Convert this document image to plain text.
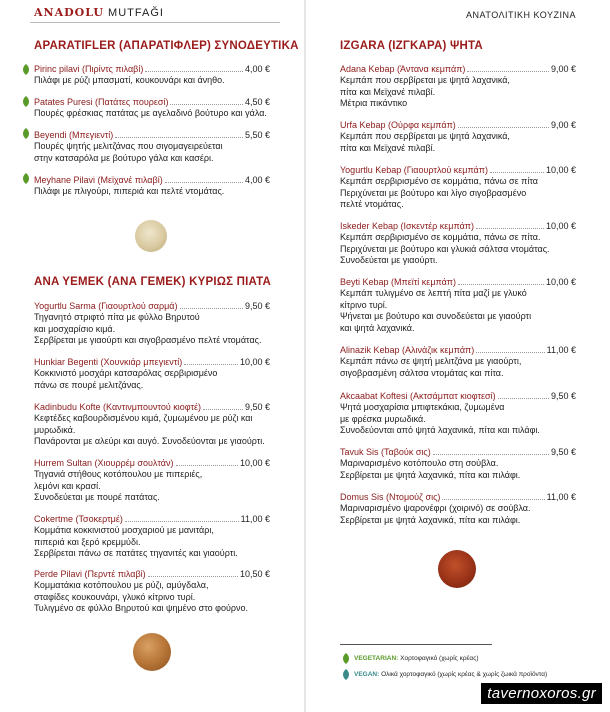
ANADOLU MUTFAĞI	ΑΝΑΤΟΛΙΤΙΚΗ ΚΟΥΖΙΝΑ
APARATIFLER (ΑΠΑΡΑΤΙΦΛΕΡ) ΣΥΝΟΔΕΥΤΙΚΑ
ANA YEMEK (ΑΝΑ ΓΕΜΕΚ) ΚΥΡΙΩΣ ΠΙΑΤΑ
IZGARA (ΙΖΓΚΑΡΑ) ΨΗΤΑ
Pirinc pilavi (Πιρίντς πιλαβί)	4,00 €
Πιλάφι με ρύζι μπασματί, κουκουνάρι και άνηθο.
Patates Puresi (Πατάτες πουρεσί)	4,50 €
Πουρές φρέσκιας πατάτας με αγελαδινό βούτυρο και γάλα.
Beyendi (Μπεγιεντί)	5,50 €
Πουρές ψητής μελιτζάνας που σιγομαγειρεύεται
στην κατσαρόλα με βούτυρο γάλα και κασέρι.
Meyhane Pilavi (Μεϊχανέ πιλαβί)	4,00 €
Πιλάφι με πλιγούρι, πιπεριά και πελτέ ντομάτας.
Yogurtlu Sarma (Γιαουρτλού σαρμά)	9,50 €
Τηγανητό στριφτό πίτα με φύλλο Βηρυτού
και μοσχαρίσιο κιμά.
Σερβίρεται με γιαούρτι και σιγοβρασμένο πελτέ ντομάτας.
Hunkiar Begenti (Χουνκιάρ μπεγιεντί)	10,00 €
Κοκκινιστό μοσχάρι κατσαρόλας σερβιρισμένο
πάνω σε πουρέ μελιτζάνας.
Kadinbudu Kofte (Καντινμπουντού κιοφτέ)	9,50 €
Κεφτέδες καβουρδισμένου κιμά, ζυμωμένου με ρύζι και
μυρωδικά.
Πανάρονται με αλεύρι και αυγό. Συνοδεύονται με γιαούρτι.
Hurrem Sultan (Χιουρρέμ σουλτάν)	10,00 €
Τηγανιά στήθους κοτόπουλου με πιπεριές,
λεμόνι και κρασί.
Συνοδεύεται με πουρέ πατάτας.
Cokertme (Τσοκερτμέ)	11,00 €
Κομμάτια κοκκινιστού μοσχαριού με μανιτάρι,
πιπεριά και ξερό κρεμμύδι.
Σερβίρεται πάνω σε πατάτες τηγανιτές και γιαούρτι.
Perde Pilavi (Περντέ πιλαβί)	10,50 €
Κομματάκια κοτόπουλου με ρύζι, αμύγδαλα,
σταφίδες κουκουνάρι, γλυκό κίτρινο τυρί.
Τυλιγμένο σε φύλλο Βηρυτού και ψημένο στο φούρνο.
Adana Kebap (Άντανα κεμπάπ)	9,00 €
Κεμπάπ που σερβίρεται με ψητά λαχανικά,
πίτα και Μεϊχανέ πιλαβί.
Μέτρια πικάντικο
Urfa Kebap (Ούρφα κεμπάπ)	9,00 €
Κεμπάπ που σερβίρεται με ψητά λαχανικά,
πίτα και Μεϊχανέ πιλαβί.
Yogurtlu Kebap (Γιαουρτλού κεμπάπ)	10,00 €
Κεμπάπ σερβιρισμένο σε κομμάτια, πάνω σε πίτα
Περιχύνεται με βούτυρο και λίγο σιγοβρασμένο
πελτέ ντομάτας.
Iskeder Kebap (Ισκεντέρ κεμπάπ)	10,00 €
Κεμπάπ σερβιρισμένο σε κομμάτια, πάνω σε πίτα.
Περιχύνεται με βούτυρο και γλυκιά σάλτσα ντομάτας.
Συνοδεύεται με γιαούρτι.
Beyti Kebap (Μπεϊτί κεμπάπ)	10,00 €
Κεμπάπ τυλιγμένο σε λεπτή πίτα μαζί με γλυκό
κίτρινο τυρί.
Ψήνεται με βούτυρο και συνοδεύεται με γιαούρτι
και ψητά λαχανικά.
Alinazik Kebap (Αλινάζικ κεμπάπ)	11,00 €
Κεμπάπ πάνω σε ψητή μελιτζάνα με γιαούρτι,
σιγοβρασμένη σάλτσα ντομάτας και πίτα.
Akcaabat Koftesi (Ακτσάμπατ κιοφτεσί)	9,50 €
Ψητά μοσχαρίσια μπιφτεκάκια, ζυμωμένα
με φρέσκα μυρωδικά.
Συνοδεύονται από ψητά λαχανικά, πίτα και πιλάφι.
Tavuk Sis (Ταβούκ σις)	9,50 €
Μαριναρισμένο κοτόπουλο στη σούβλα.
Σερβίρεται με ψητά λαχανικά, πίτα και πιλάφι.
Domus Sis (Ντομούζ σις)	11,00 €
Μαριναρισμένο ψαρονέφρι (χοιρινό) σε σούβλα.
Σερβίρεται με ψητά λαχανικά, πίτα και πιλάφι.
VEGETARIAN: Χορτοφαγικό (χωρίς κρέας)
VEGAN: Ολικά χορτοφαγικό (χωρίς κρέας & χωρίς ζωικά προϊόντα)
tavernoxoros.gr
